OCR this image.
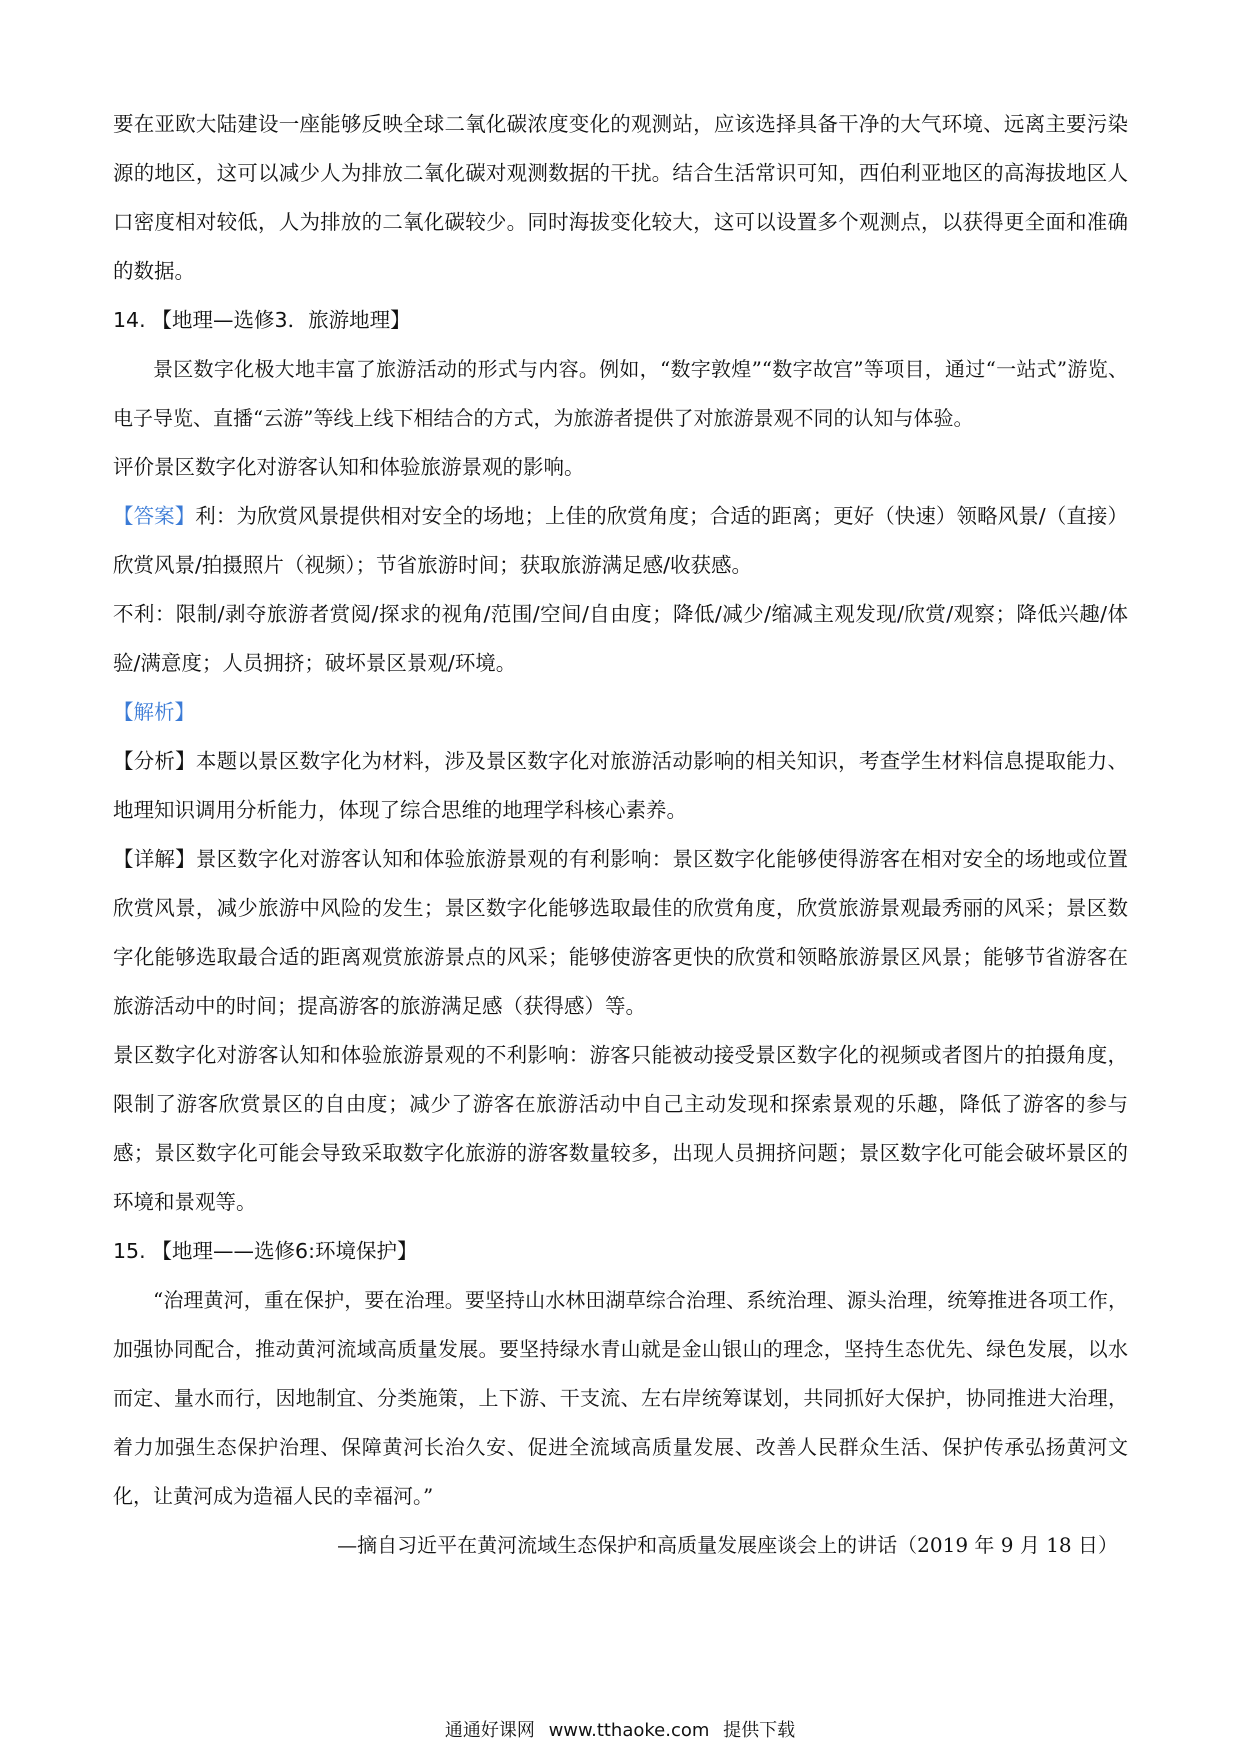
要在亚欧大陆建设一座能够反映全球二氧化碳浓度变化的观测站，应该选择具备干净的大气环境、远离主要污染源的地区，这可以减少人为排放二氧化碳对观测数据的干扰。结合生活常识可知，西伯利亚地区的高海拔地区人口密度相对较低，人为排放的二氧化碳较少。同时海拔变化较大，这可以设置多个观测点，以获得更全面和准确的数据。

14. 【地理—选修3．旅游地理】

景区数字化极大地丰富了旅游活动的形式与内容。例如，“数字敦煌”“数字故宫”等项目，通过“一站式”游览、电子导览、直播“云游”等线上线下相结合的方式，为旅游者提供了对旅游景观不同的认知与体验。

评价景区数字化对游客认知和体验旅游景观的影响。

【答案】利：为欣赏风景提供相对安全的场地；上佳的欣赏角度；合适的距离；更好（快速）领略风景/（直接）欣赏风景/拍摄照片（视频）；节省旅游时间；获取旅游满足感/收获感。

不利：限制/剥夺旅游者赏阅/探求的视角/范围/空间/自由度；降低/减少/缩减主观发现/欣赏/观察；降低兴趣/体验/满意度；人员拥挤；破坏景区景观/环境。

【解析】

【分析】本题以景区数字化为材料，涉及景区数字化对旅游活动影响的相关知识，考查学生材料信息提取能力、地理知识调用分析能力，体现了综合思维的地理学科核心素养。

【详解】景区数字化对游客认知和体验旅游景观的有利影响：景区数字化能够使得游客在相对安全的场地或位置欣赏风景，减少旅游中风险的发生；景区数字化能够选取最佳的欣赏角度，欣赏旅游景观最秀丽的风采；景区数字化能够选取最合适的距离观赏旅游景点的风采；能够使游客更快的欣赏和领略旅游景区风景；能够节省游客在旅游活动中的时间；提高游客的旅游满足感（获得感）等。

景区数字化对游客认知和体验旅游景观的不利影响：游客只能被动接受景区数字化的视频或者图片的拍摄角度，限制了游客欣赏景区的自由度；减少了游客在旅游活动中自己主动发现和探索景观的乐趣，降低了游客的参与感；景区数字化可能会导致采取数字化旅游的游客数量较多，出现人员拥挤问题；景区数字化可能会破坏景区的环境和景观等。

15. 【地理——选修6:环境保护】

“治理黄河，重在保护，要在治理。要坚持山水林田湖草综合治理、系统治理、源头治理，统筹推进各项工作，加强协同配合，推动黄河流域高质量发展。要坚持绿水青山就是金山银山的理念，坚持生态优先、绿色发展，以水而定、量水而行，因地制宜、分类施策，上下游、干支流、左右岸统筹谋划，共同抓好大保护，协同推进大治理，着力加强生态保护治理、保障黄河长治久安、促进全流域高质量发展、改善人民群众生活、保护传承弘扬黄河文化，让黄河成为造福人民的幸福河。”

—摘自习近平在黄河流域生态保护和高质量发展座谈会上的讲话（2019 年 9 月 18 日）

通通好课网 www.tthaoke.com 提供下载
